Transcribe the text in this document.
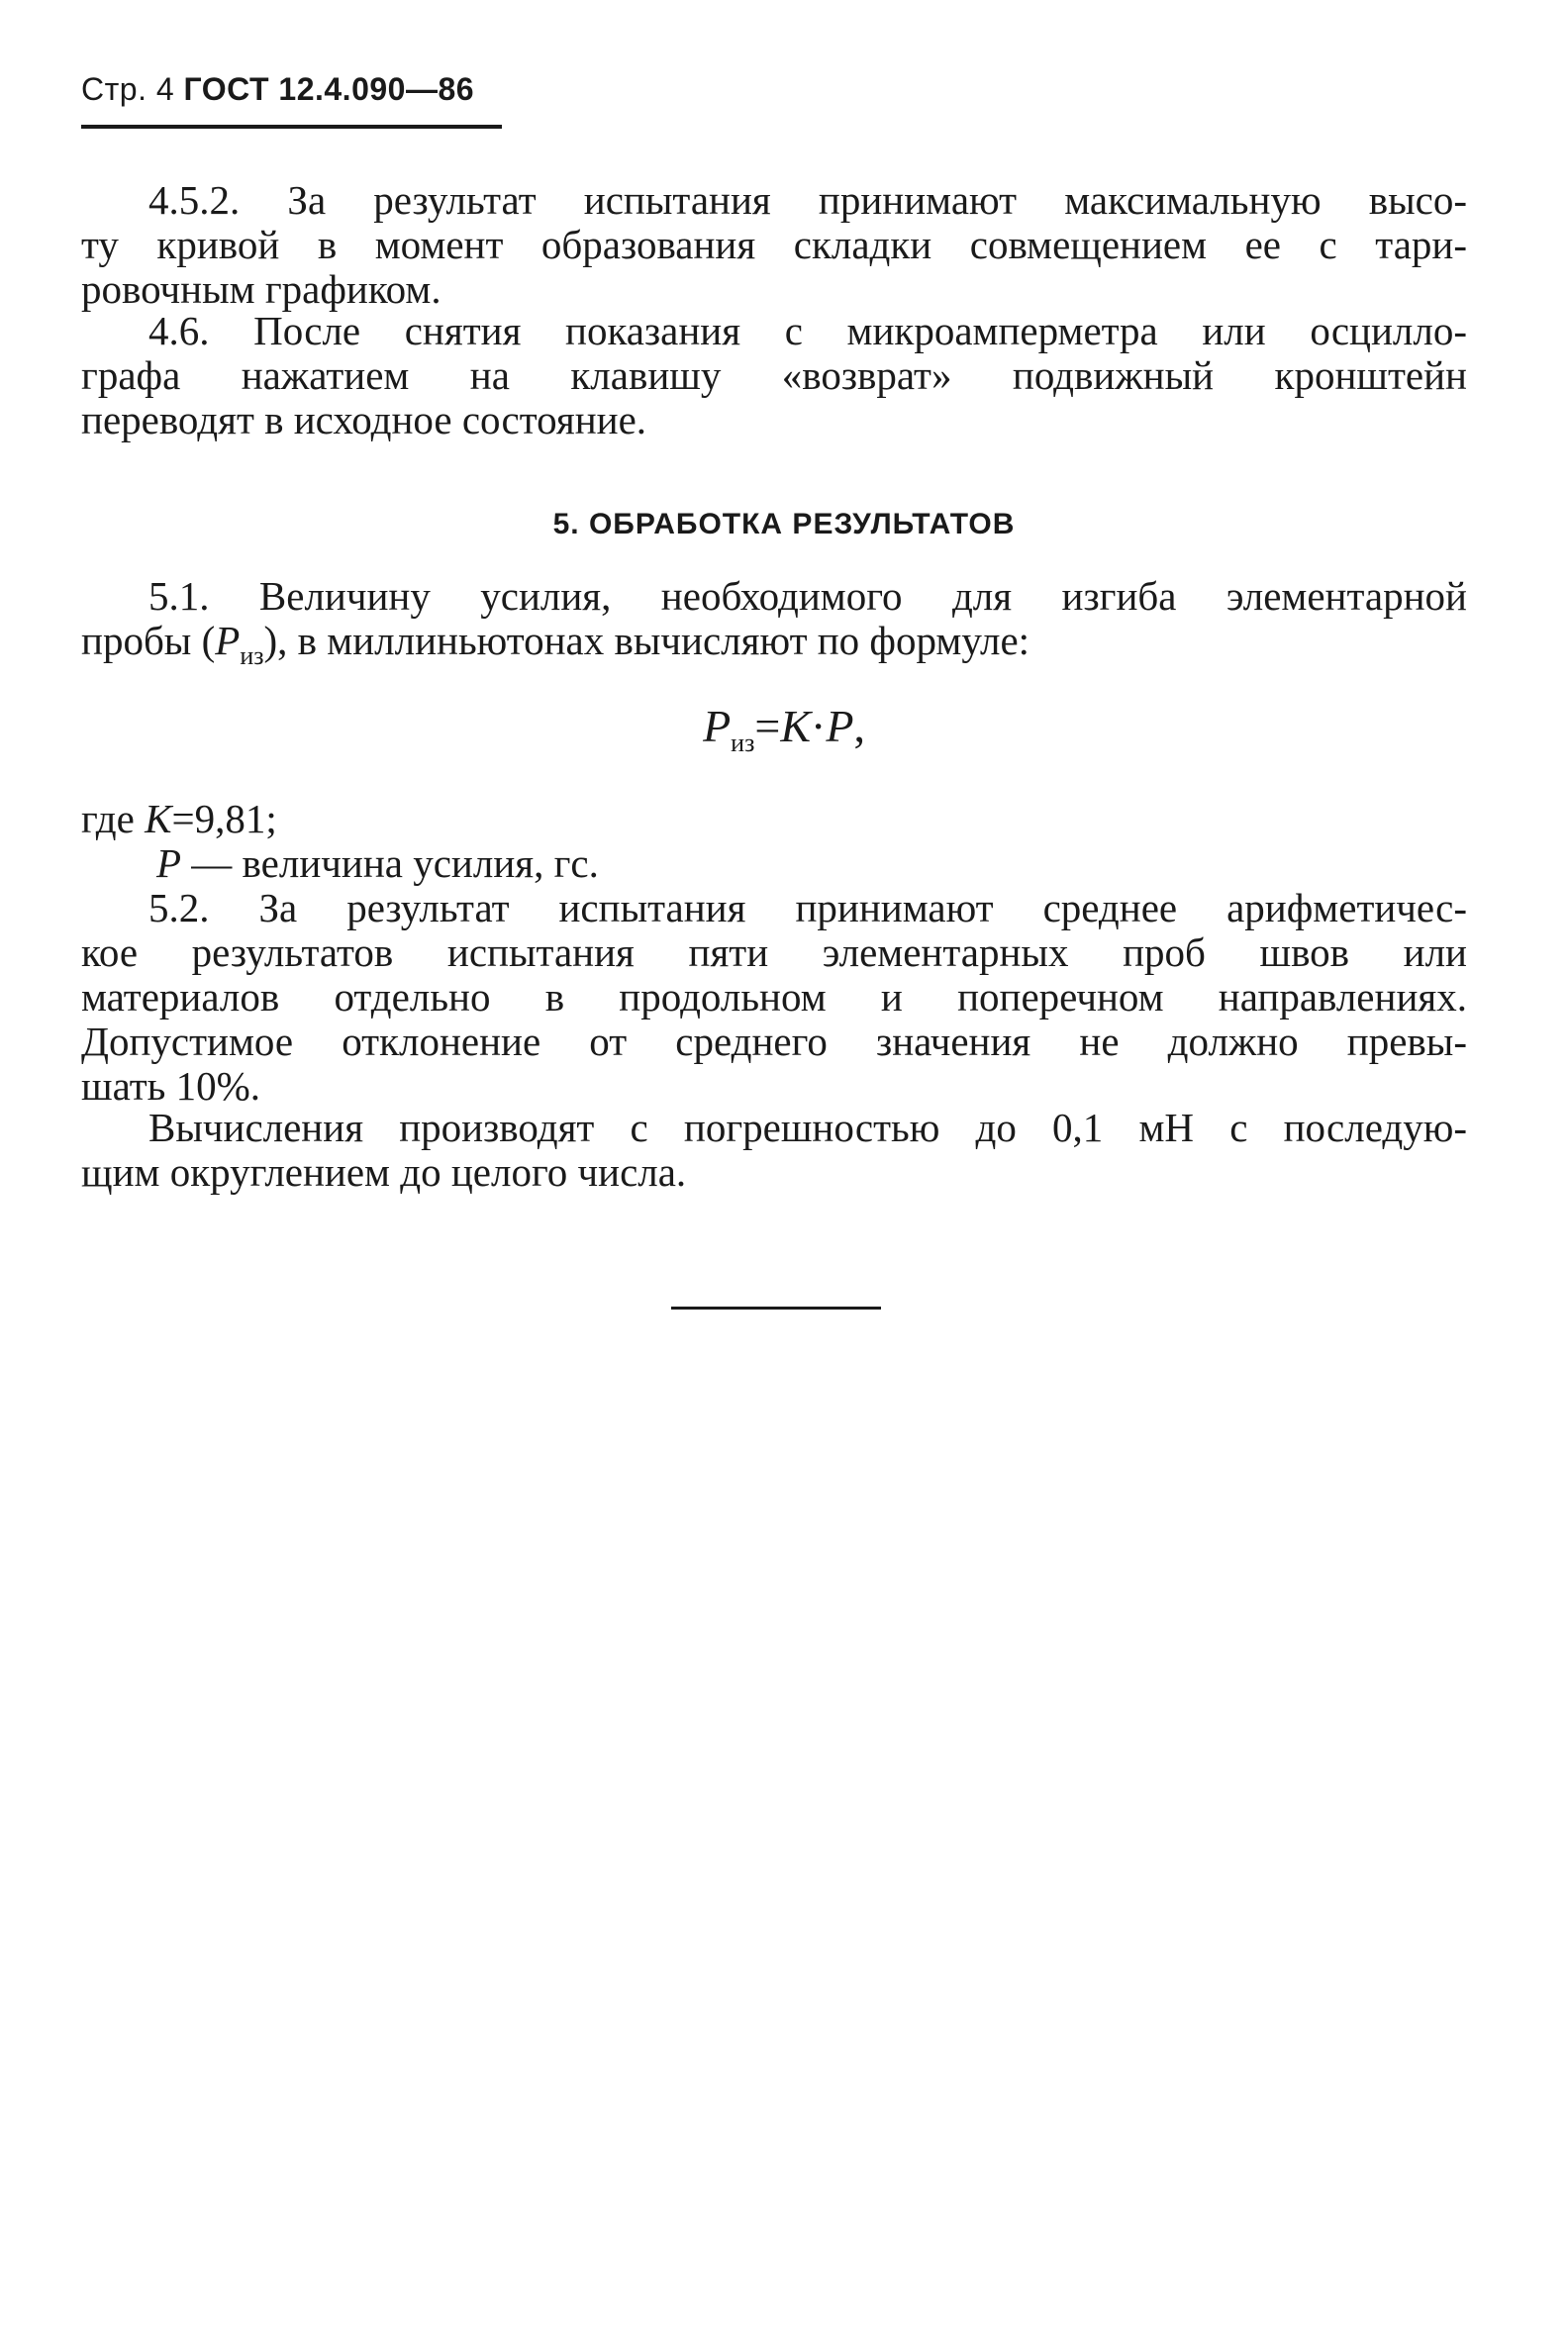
Стр. 4 ГОСТ 12.4.090—86
4.5.2. За результат испытания принимают максимальную высо-
ту кривой в момент образования складки совмещением ее с тари-
ровочным графиком.
4.6. После снятия показания с микроамперметра или осцилло-
графа нажатием на клавишу «возврат» подвижный кронштейн
переводят в исходное состояние.
5. ОБРАБОТКА РЕЗУЛЬТАТОВ
5.1. Величину усилия, необходимого для изгиба элементарной
пробы $(P_{из})$, в миллиньютонах вычисляют по формуле:
$P_{из}=K\cdot P$,
где K=9,81;
P — величина усилия, гс.
5.2. За результат испытания принимают среднее арифметичес-
кое результатов испытания пяти элементарных проб швов или
материалов отдельно в продольном и поперечном направлениях.
Допустимое отклонение от среднего значения не должно превы-
шать 10%.
Вычисления производят с погрешностью до 0,1 мН с последую-
щим округлением до целого числа.
